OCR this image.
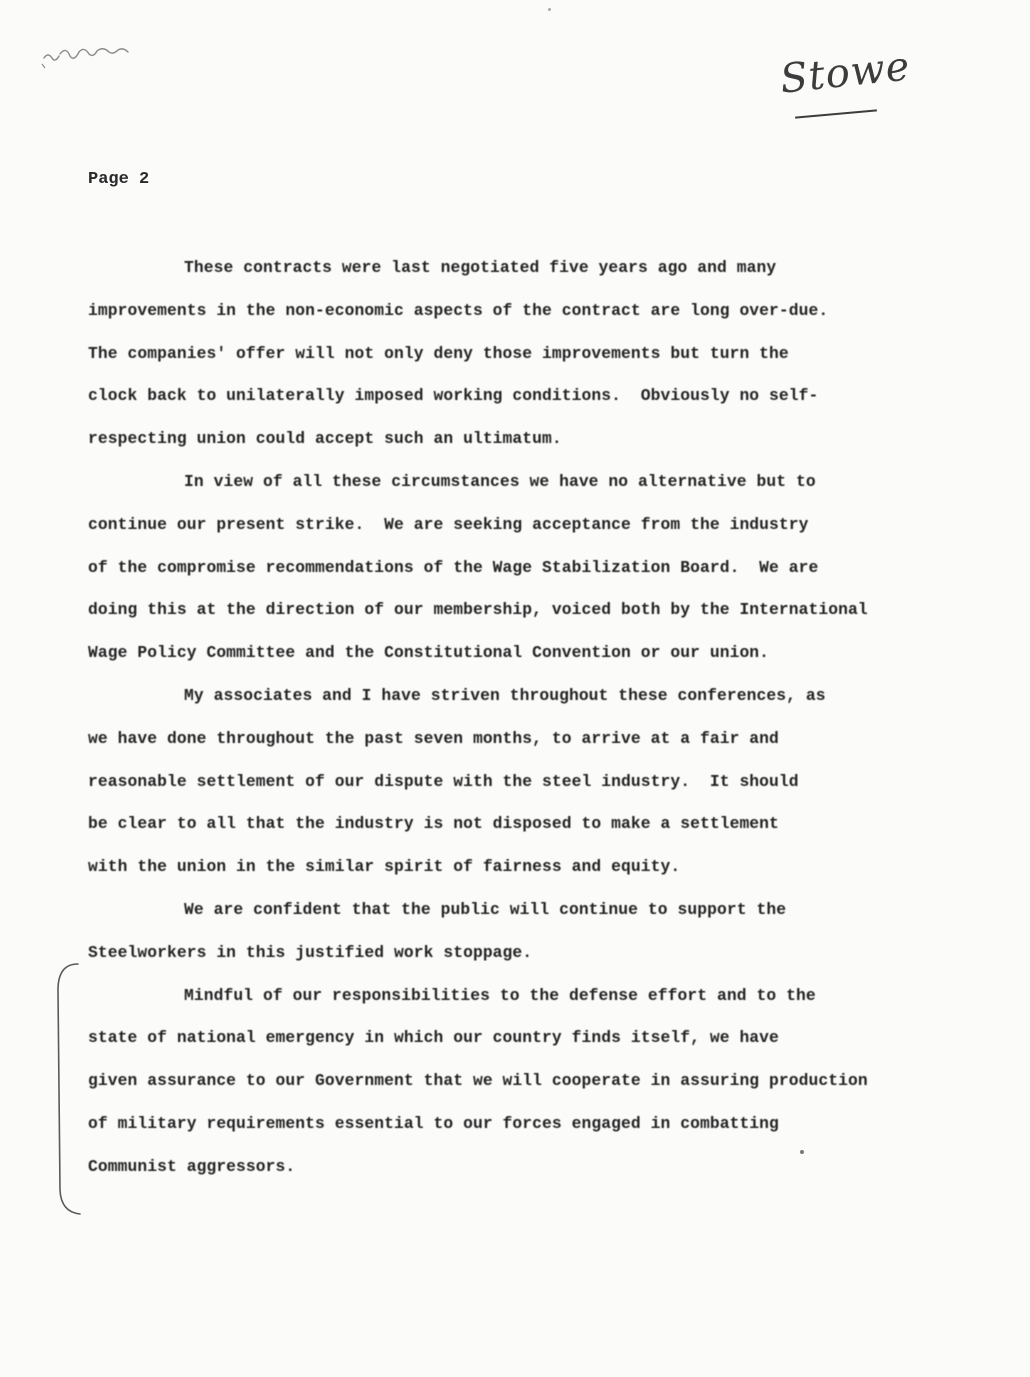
Stowe
Page 2
These contracts were last negotiated five years ago and many
improvements in the non-economic aspects of the contract are long over-due.
The companies' offer will not only deny those improvements but turn the
clock back to unilaterally imposed working conditions.  Obviously no self-
respecting union could accept such an ultimatum.
In view of all these circumstances we have no alternative but to
continue our present strike.  We are seeking acceptance from the industry
of the compromise recommendations of the Wage Stabilization Board.  We are
doing this at the direction of our membership, voiced both by the International
Wage Policy Committee and the Constitutional Convention or our union.
My associates and I have striven throughout these conferences, as
we have done throughout the past seven months, to arrive at a fair and
reasonable settlement of our dispute with the steel industry.  It should
be clear to all that the industry is not disposed to make a settlement
with the union in the similar spirit of fairness and equity.
We are confident that the public will continue to support the
Steelworkers in this justified work stoppage.
Mindful of our responsibilities to the defense effort and to the
state of national emergency in which our country finds itself, we have
given assurance to our Government that we will cooperate in assuring production
of military requirements essential to our forces engaged in combatting
Communist aggressors.
